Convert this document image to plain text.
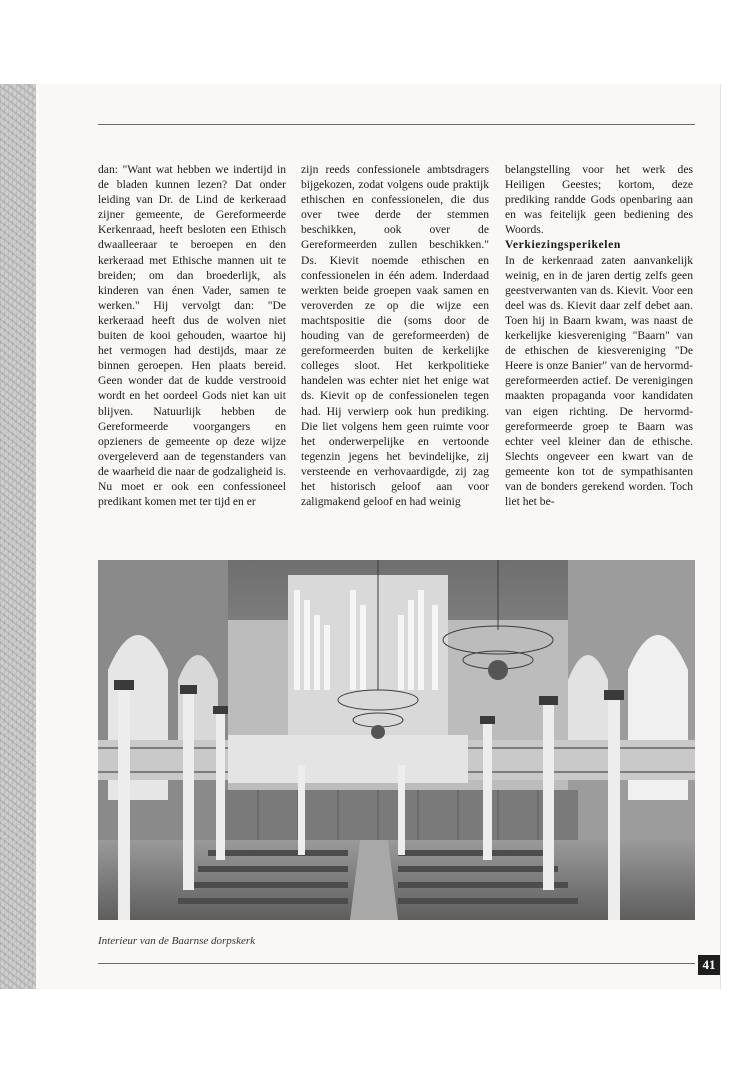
dan: "Want wat hebben we indertijd in de bladen kunnen lezen? Dat onder leiding van Dr. de Lind de kerkeraad zijner gemeente, de Gereformeerde Kerkenraad, heeft besloten een Ethisch dwaalleeraar te beroepen en den kerkeraad met Ethische mannen uit te breiden; om dan broederlijk, als kinderen van énen Vader, samen te werken." Hij vervolgt dan: "De kerkeraad heeft dus de wolven niet buiten de kooi gehouden, waartoe hij het vermogen had destijds, maar ze binnen geroepen. Hen plaats bereid. Geen wonder dat de kudde verstrooid wordt en het oordeel Gods niet kan uit blijven. Natuurlijk hebben de Gereformeerde voorgangers en opzieners de gemeente op deze wijze overgeleverd aan de tegenstanders van de waarheid die naar de godzaligheid is. Nu moet er ook een confessioneel predikant komen met ter tijd en er

zijn reeds confessionele ambtsdragers bijgekozen, zodat volgens oude praktijk ethischen en confessionelen, die dus over twee derde der stemmen beschikken, ook over de Gereformeerden zullen beschikken." Ds. Kievit noemde ethischen en confessionelen in één adem. Inderdaad werkten beide groepen vaak samen en veroverden ze op die wijze een machtspositie die (soms door de houding van de gereformeerden) de gereformeerden buiten de kerkelijke colleges sloot. Het kerkpolitieke handelen was echter niet het enige wat ds. Kievit op de confessionelen tegen had. Hij verwierp ook hun prediking. Die liet volgens hem geen ruimte voor het onderwerpelijke en vertoonde tegenzin jegens het bevindelijke, zij versteende en verhovaardigde, zij zag het historisch geloof aan voor zaligmakend geloof en had weinig

belangstelling voor het werk des Heiligen Geestes; kortom, deze prediking randde Gods openbaring aan en was feitelijk geen bediening des Woords.

Verkiezingsperikelen

In de kerkenraad zaten aanvankelijk weinig, en in de jaren dertig zelfs geen geestverwanten van ds. Kievit. Voor een deel was ds. Kievit daar zelf debet aan. Toen hij in Baarn kwam, was naast de kerkelijke kiesvereniging "Baarn" van de ethischen de kiesvereniging "De Heere is onze Banier" van de hervormd-gereformeerden actief. De verenigingen maakten propaganda voor kandidaten van eigen richting. De hervormd-gereformeerde groep te Baarn was echter veel kleiner dan de ethische. Slechts ongeveer een kwart van de gemeente kon tot de sympathisanten van de bonders gerekend worden. Toch liet het be-

Interieur van de Baarnse dorpskerk
41
